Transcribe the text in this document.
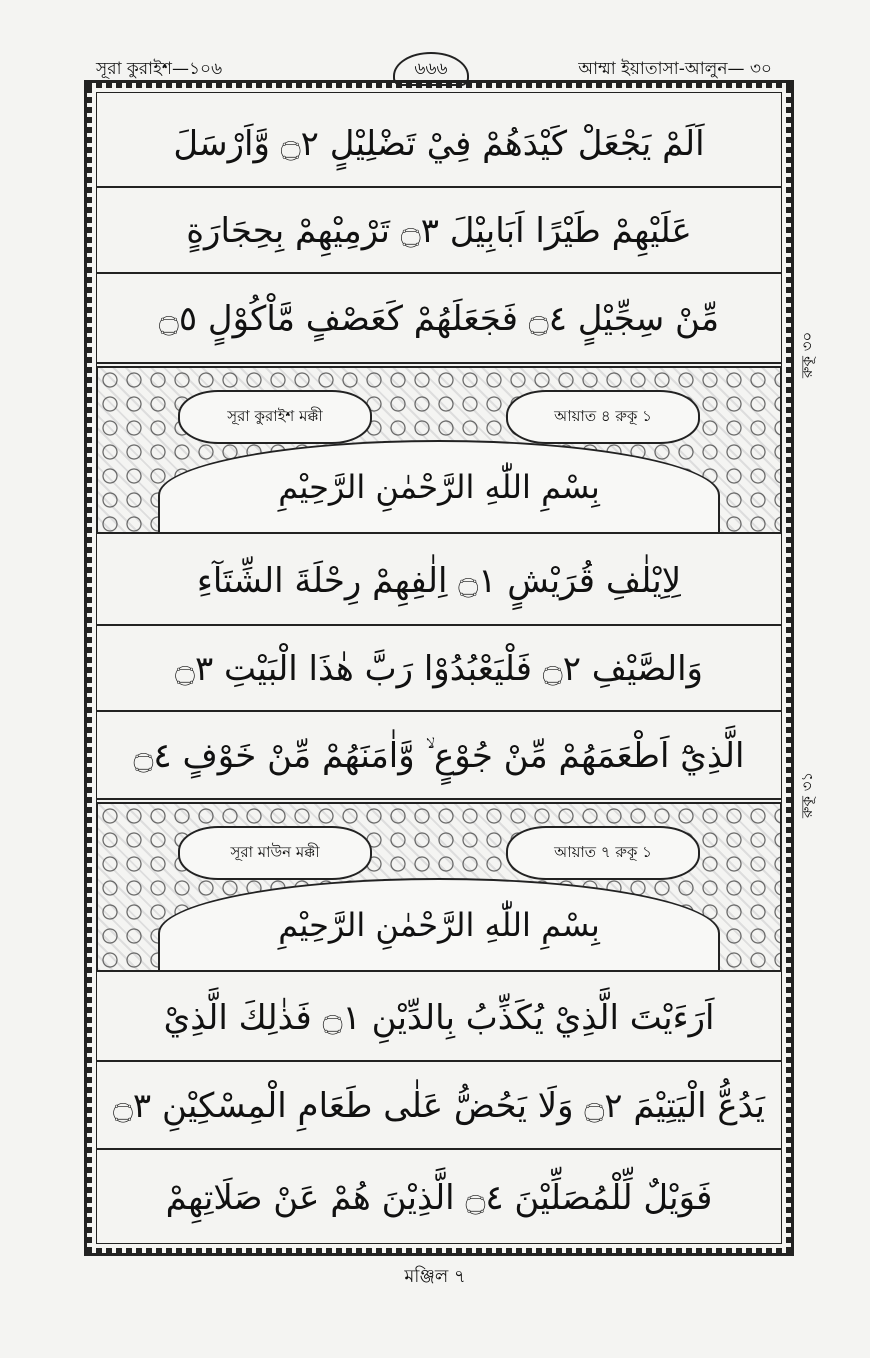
সূরা কুরাইশ—১০৬	৬৬৬	আম্মা ইয়াতাসা-আলুন— ৩০
اَلَمْ يَجْعَلْ كَيْدَهُمْ فِيْ تَضْلِيْلٍ ۝٢ وَّاَرْسَلَ
عَلَيْهِمْ طَيْرًا اَبَابِيْلَ ۝٣ تَرْمِيْهِمْ بِحِجَارَةٍ
مِّنْ سِجِّيْلٍ ۝٤ فَجَعَلَهُمْ كَعَصْفٍ مَّاْكُوْلٍ ۝٥
সূরা কুরাইশ মক্কী	আয়াত ৪ রুকূ ১
بِسْمِ اللّٰهِ الرَّحْمٰنِ الرَّحِيْمِ
لِاِيْلٰفِ قُرَيْشٍ ۝١ اِلٰفِهِمْ رِحْلَةَ الشِّتَآءِ
وَالصَّيْفِ ۝٢ فَلْيَعْبُدُوْا رَبَّ هٰذَا الْبَيْتِ ۝٣
الَّذِيْٓ اَطْعَمَهُمْ مِّنْ جُوْعٍ ۙ وَّاٰمَنَهُمْ مِّنْ خَوْفٍ ۝٤
সূরা মাউন মক্কী	আয়াত ৭ রুকূ ১
بِسْمِ اللّٰهِ الرَّحْمٰنِ الرَّحِيْمِ
اَرَءَيْتَ الَّذِيْ يُكَذِّبُ بِالدِّيْنِ ۝١ فَذٰلِكَ الَّذِيْ
يَدُعُّ الْيَتِيْمَ ۝٢ وَلَا يَحُضُّ عَلٰى طَعَامِ الْمِسْكِيْنِ ۝٣
فَوَيْلٌ لِّلْمُصَلِّيْنَ ۝٤ الَّذِيْنَ هُمْ عَنْ صَلَاتِهِمْ
রুকূ ৩০
রুকূ ৩১
মঞ্জিল ৭
